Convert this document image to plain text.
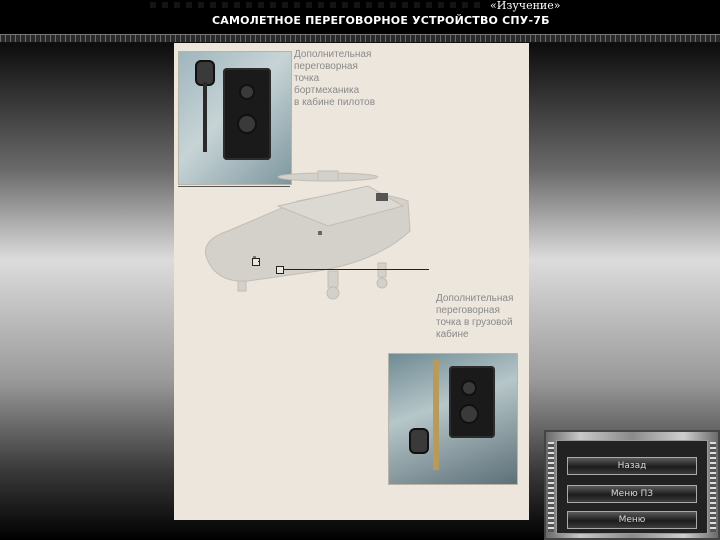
«Изучение»
САМОЛЕТНОЕ ПЕРЕГОВОРНОЕ УСТРОЙСТВО СПУ-7Б
Дополнительная
переговорная
точка
бортмеханика
в кабине пилотов
Дополнительная
переговорная
точка в грузовой
кабине
Назад
Меню ПЗ
Меню
